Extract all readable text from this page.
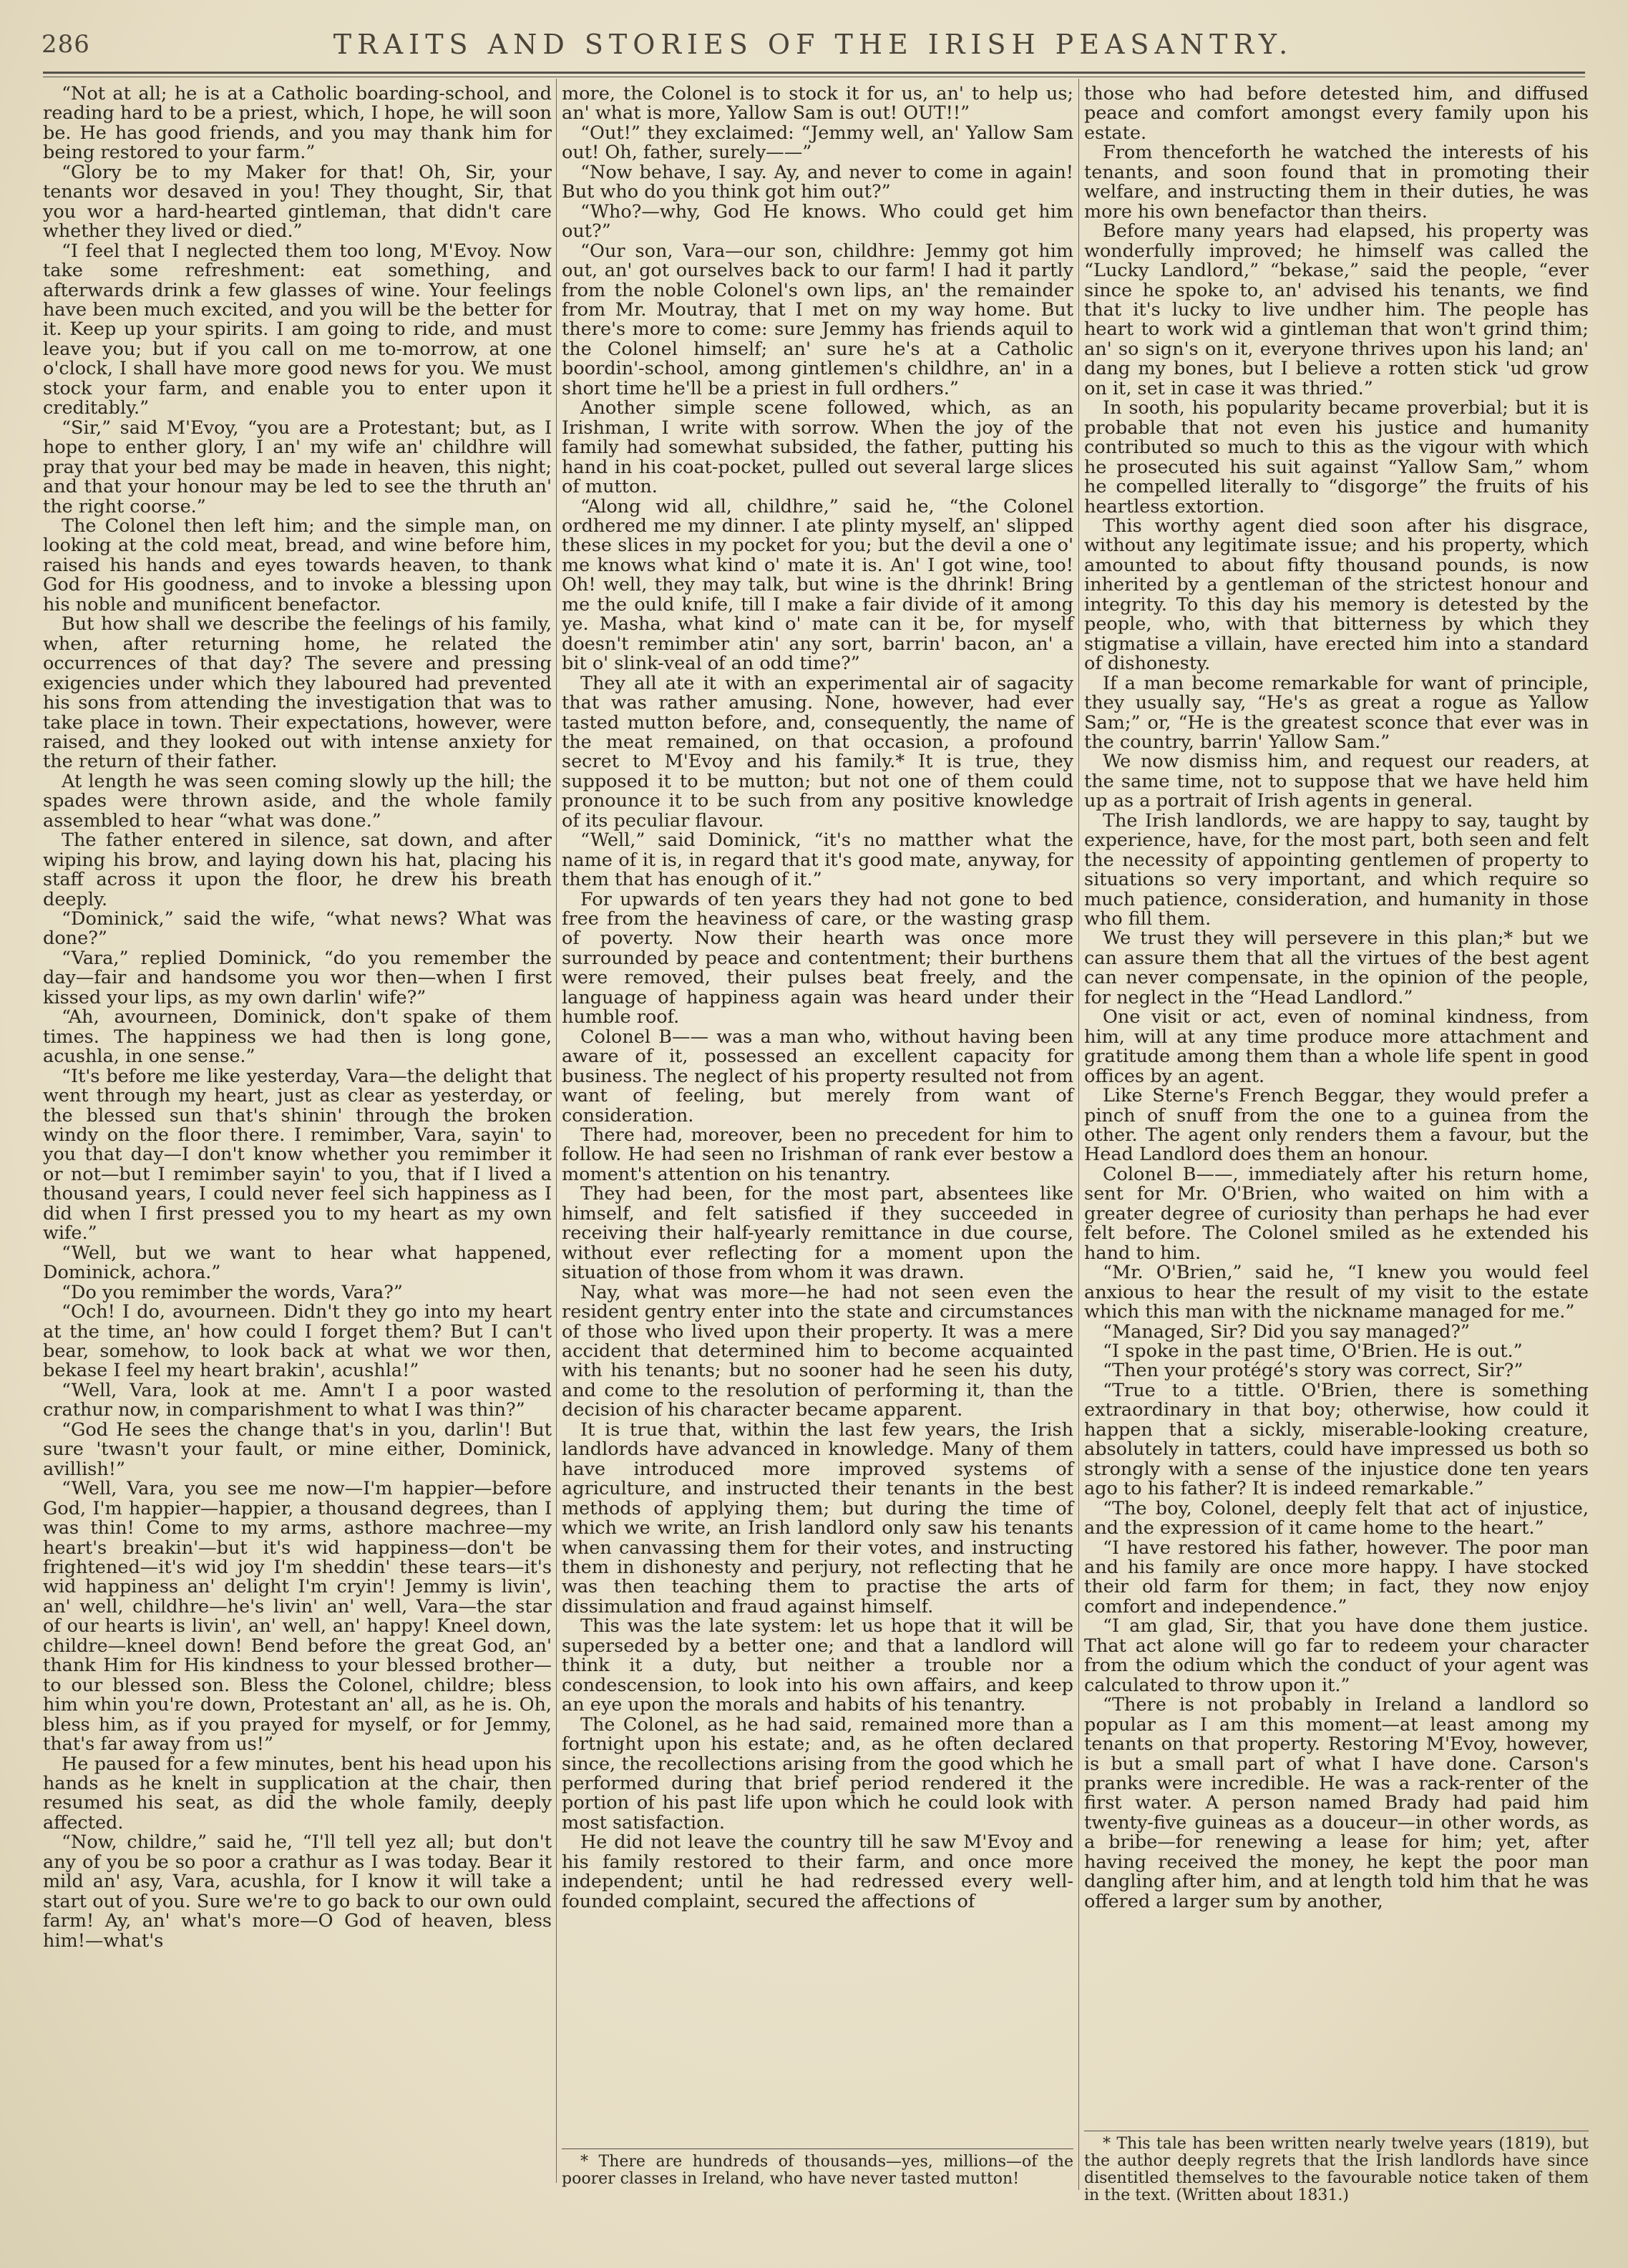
286	TRAITS AND STORIES OF THE IRISH PEASANTRY.

“Not at all; he is at a Catholic boarding-school, and reading hard to be a priest, which, I hope, he will soon be. He has good friends, and you may thank him for being restored to your farm.”

“Glory be to my Maker for that! Oh, Sir, your tenants wor desaved in you! They thought, Sir, that you wor a hard-hearted gintleman, that didn't care whether they lived or died.”

“I feel that I neglected them too long, M'Evoy. Now take some refreshment: eat something, and afterwards drink a few glasses of wine. Your feelings have been much excited, and you will be the better for it. Keep up your spirits. I am going to ride, and must leave you; but if you call on me to-morrow, at one o'clock, I shall have more good news for you. We must stock your farm, and enable you to enter upon it creditably.”

“Sir,” said M'Evoy, “you are a Protestant; but, as I hope to enther glory, I an' my wife an' childhre will pray that your bed may be made in heaven, this night; and that your honour may be led to see the thruth an' the right coorse.”

The Colonel then left him; and the simple man, on looking at the cold meat, bread, and wine before him, raised his hands and eyes towards heaven, to thank God for His goodness, and to invoke a blessing upon his noble and munificent benefactor.

But how shall we describe the feelings of his family, when, after returning home, he related the occurrences of that day? The severe and pressing exigencies under which they laboured had prevented his sons from attending the investigation that was to take place in town. Their expectations, however, were raised, and they looked out with intense anxiety for the return of their father.

At length he was seen coming slowly up the hill; the spades were thrown aside, and the whole family assembled to hear “what was done.”

The father entered in silence, sat down, and after wiping his brow, and laying down his hat, placing his staff across it upon the floor, he drew his breath deeply.

“Dominick,” said the wife, “what news? What was done?”

“Vara,” replied Dominick, “do you remember the day—fair and handsome you wor then—when I first kissed your lips, as my own darlin' wife?”

“Ah, avourneen, Dominick, don't spake of them times. The happiness we had then is long gone, acushla, in one sense.”

“It's before me like yesterday, Vara—the delight that went through my heart, just as clear as yesterday, or the blessed sun that's shinin' through the broken windy on the floor there. I remimber, Vara, sayin' to you that day—I don't know whether you remimber it or not—but I remimber sayin' to you, that if I lived a thousand years, I could never feel sich happiness as I did when I first pressed you to my heart as my own wife.”

“Well, but we want to hear what happened, Dominick, achora.”

“Do you remimber the words, Vara?”

“Och! I do, avourneen. Didn't they go into my heart at the time, an' how could I forget them? But I can't bear, somehow, to look back at what we wor then, bekase I feel my heart brakin', acushla!”

“Well, Vara, look at me. Amn't I a poor wasted crathur now, in comparishment to what I was thin?”

“God He sees the change that's in you, darlin'! But sure 'twasn't your fault, or mine either, Dominick, avillish!”

“Well, Vara, you see me now—I'm happier—before God, I'm happier—happier, a thousand degrees, than I was thin! Come to my arms, asthore machree—my heart's breakin'—but it's wid happiness—don't be frightened—it's wid joy I'm sheddin' these tears—it's wid happiness an' delight I'm cryin'! Jemmy is livin', an' well, childhre—he's livin' an' well, Vara—the star of our hearts is livin', an' well, an' happy! Kneel down, childre—kneel down! Bend before the great God, an' thank Him for His kindness to your blessed brother—to our blessed son. Bless the Colonel, childre; bless him whin you're down, Protestant an' all, as he is. Oh, bless him, as if you prayed for myself, or for Jemmy, that's far away from us!”

He paused for a few minutes, bent his head upon his hands as he knelt in supplication at the chair, then resumed his seat, as did the whole family, deeply affected.

“Now, childre,” said he, “I'll tell yez all; but don't any of you be so poor a crathur as I was today. Bear it mild an' asy, Vara, acushla, for I know it will take a start out of you. Sure we're to go back to our own ould farm! Ay, an' what's more—O God of heaven, bless him!—what's

more, the Colonel is to stock it for us, an' to help us; an' what is more, Yallow Sam is out! OUT!!”

“Out!” they exclaimed: “Jemmy well, an' Yallow Sam out! Oh, father, surely——”

“Now behave, I say. Ay, and never to come in again! But who do you think got him out?”

“Who?—why, God He knows. Who could get him out?”

“Our son, Vara—our son, childhre: Jemmy got him out, an' got ourselves back to our farm! I had it partly from the noble Colonel's own lips, an' the remainder from Mr. Moutray, that I met on my way home. But there's more to come: sure Jemmy has friends aquil to the Colonel himself; an' sure he's at a Catholic boordin'-school, among gintlemen's childhre, an' in a short time he'll be a priest in full ordhers.”

Another simple scene followed, which, as an Irishman, I write with sorrow. When the joy of the family had somewhat subsided, the father, putting his hand in his coat-pocket, pulled out several large slices of mutton.

“Along wid all, childhre,” said he, “the Colonel ordhered me my dinner. I ate plinty myself, an' slipped these slices in my pocket for you; but the devil a one o' me knows what kind o' mate it is. An' I got wine, too! Oh! well, they may talk, but wine is the dhrink! Bring me the ould knife, till I make a fair divide of it among ye. Masha, what kind o' mate can it be, for myself doesn't remimber atin' any sort, barrin' bacon, an' a bit o' slink-veal of an odd time?”

They all ate it with an experimental air of sagacity that was rather amusing. None, however, had ever tasted mutton before, and, consequently, the name of the meat remained, on that occasion, a profound secret to M'Evoy and his family.* It is true, they supposed it to be mutton; but not one of them could pronounce it to be such from any positive knowledge of its peculiar flavour.

“Well,” said Dominick, “it's no matther what the name of it is, in regard that it's good mate, anyway, for them that has enough of it.”

For upwards of ten years they had not gone to bed free from the heaviness of care, or the wasting grasp of poverty. Now their hearth was once more surrounded by peace and contentment; their burthens were removed, their pulses beat freely, and the language of happiness again was heard under their humble roof.

Colonel B—— was a man who, without having been aware of it, possessed an excellent capacity for business. The neglect of his property resulted not from want of feeling, but merely from want of consideration.

There had, moreover, been no precedent for him to follow. He had seen no Irishman of rank ever bestow a moment's attention on his tenantry.

They had been, for the most part, absentees like himself, and felt satisfied if they succeeded in receiving their half-yearly remittance in due course, without ever reflecting for a moment upon the situation of those from whom it was drawn.

Nay, what was more—he had not seen even the resident gentry enter into the state and circumstances of those who lived upon their property. It was a mere accident that determined him to become acquainted with his tenants; but no sooner had he seen his duty, and come to the resolution of performing it, than the decision of his character became apparent.

It is true that, within the last few years, the Irish landlords have advanced in knowledge. Many of them have introduced more improved systems of agriculture, and instructed their tenants in the best methods of applying them; but during the time of which we write, an Irish landlord only saw his tenants when canvassing them for their votes, and instructing them in dishonesty and perjury, not reflecting that he was then teaching them to practise the arts of dissimulation and fraud against himself.

This was the late system: let us hope that it will be superseded by a better one; and that a landlord will think it a duty, but neither a trouble nor a condescension, to look into his own affairs, and keep an eye upon the morals and habits of his tenantry.

The Colonel, as he had said, remained more than a fortnight upon his estate; and, as he often declared since, the recollections arising from the good which he performed during that brief period rendered it the portion of his past life upon which he could look with most satisfaction.

He did not leave the country till he saw M'Evoy and his family restored to their farm, and once more independent; until he had redressed every well-founded complaint, secured the affections of

* There are hundreds of thousands—yes, millions—of the poorer classes in Ireland, who have never tasted mutton!

those who had before detested him, and diffused peace and comfort amongst every family upon his estate.

From thenceforth he watched the interests of his tenants, and soon found that in promoting their welfare, and instructing them in their duties, he was more his own benefactor than theirs.

Before many years had elapsed, his property was wonderfully improved; he himself was called the “Lucky Landlord,” “bekase,” said the people, “ever since he spoke to, an' advised his tenants, we find that it's lucky to live undher him. The people has heart to work wid a gintleman that won't grind thim; an' so sign's on it, everyone thrives upon his land; an' dang my bones, but I believe a rotten stick 'ud grow on it, set in case it was thried.”

In sooth, his popularity became proverbial; but it is probable that not even his justice and humanity contributed so much to this as the vigour with which he prosecuted his suit against “Yallow Sam,” whom he compelled literally to “disgorge” the fruits of his heartless extortion.

This worthy agent died soon after his disgrace, without any legitimate issue; and his property, which amounted to about fifty thousand pounds, is now inherited by a gentleman of the strictest honour and integrity. To this day his memory is detested by the people, who, with that bitterness by which they stigmatise a villain, have erected him into a standard of dishonesty.

If a man become remarkable for want of principle, they usually say, “He's as great a rogue as Yallow Sam;” or, “He is the greatest sconce that ever was in the country, barrin' Yallow Sam.”

We now dismiss him, and request our readers, at the same time, not to suppose that we have held him up as a portrait of Irish agents in general.

The Irish landlords, we are happy to say, taught by experience, have, for the most part, both seen and felt the necessity of appointing gentlemen of property to situations so very important, and which require so much patience, consideration, and humanity in those who fill them.

We trust they will persevere in this plan;* but we can assure them that all the virtues of the best agent can never compensate, in the opinion of the people, for neglect in the “Head Landlord.”

One visit or act, even of nominal kindness, from him, will at any time produce more attachment and gratitude among them than a whole life spent in good offices by an agent.

Like Sterne's French Beggar, they would prefer a pinch of snuff from the one to a guinea from the other. The agent only renders them a favour, but the Head Landlord does them an honour.

Colonel B——, immediately after his return home, sent for Mr. O'Brien, who waited on him with a greater degree of curiosity than perhaps he had ever felt before. The Colonel smiled as he extended his hand to him.

“Mr. O'Brien,” said he, “I knew you would feel anxious to hear the result of my visit to the estate which this man with the nickname managed for me.”

“Managed, Sir? Did you say managed?”

“I spoke in the past time, O'Brien. He is out.”

“Then your protégé's story was correct, Sir?”

“True to a tittle. O'Brien, there is something extraordinary in that boy; otherwise, how could it happen that a sickly, miserable-looking creature, absolutely in tatters, could have impressed us both so strongly with a sense of the injustice done ten years ago to his father? It is indeed remarkable.”

“The boy, Colonel, deeply felt that act of injustice, and the expression of it came home to the heart.”

“I have restored his father, however. The poor man and his family are once more happy. I have stocked their old farm for them; in fact, they now enjoy comfort and independence.”

“I am glad, Sir, that you have done them justice. That act alone will go far to redeem your character from the odium which the conduct of your agent was calculated to throw upon it.”

“There is not probably in Ireland a landlord so popular as I am this moment—at least among my tenants on that property. Restoring M'Evoy, however, is but a small part of what I have done. Carson's pranks were incredible. He was a rack-renter of the first water. A person named Brady had paid him twenty-five guineas as a douceur—in other words, as a bribe—for renewing a lease for him; yet, after having received the money, he kept the poor man dangling after him, and at length told him that he was offered a larger sum by another,

* This tale has been written nearly twelve years (1819), but the author deeply regrets that the Irish landlords have since disentitled themselves to the favourable notice taken of them in the text. (Written about 1831.)
